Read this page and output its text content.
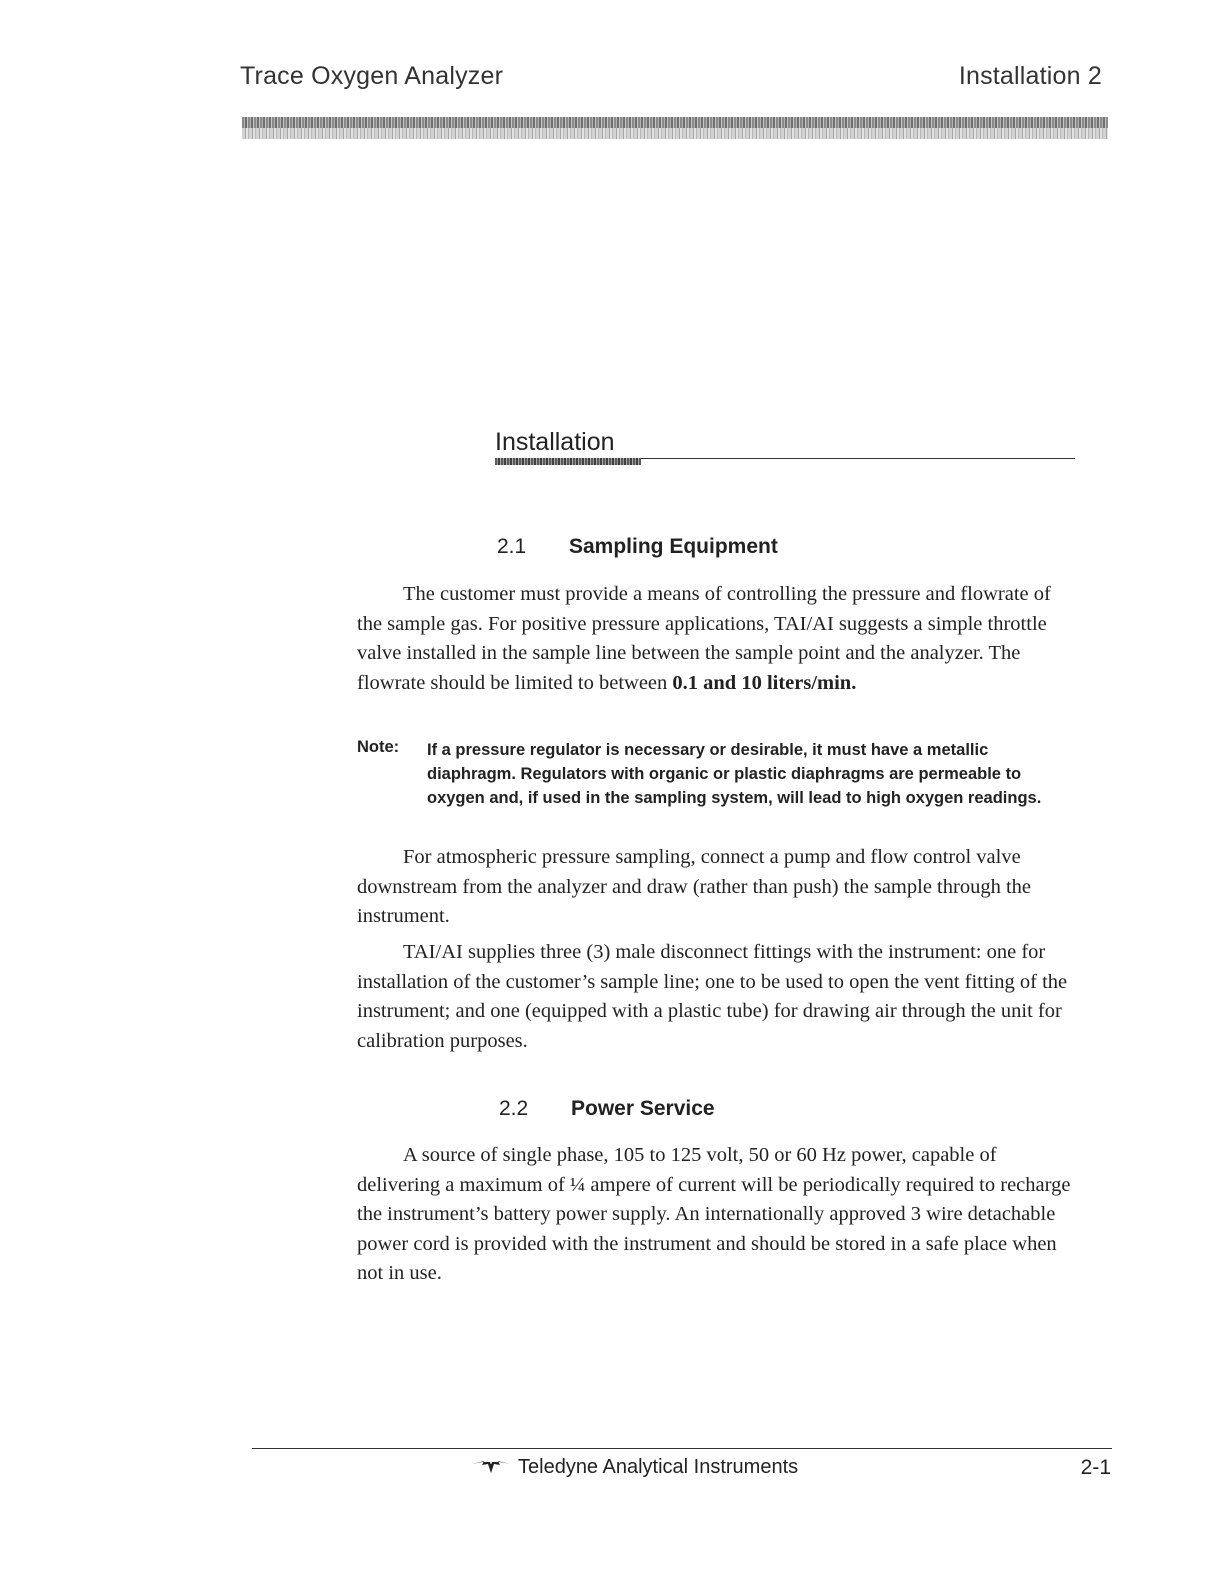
Trace Oxygen Analyzer	Installation 2
Installation
2.1 Sampling Equipment
The customer must provide a means of controlling the pressure and flowrate of the sample gas. For positive pressure applications, TAI/AI suggests a simple throttle valve installed in the sample line between the sample point and the analyzer. The flowrate should be limited to between 0.1 and 10 liters/min.
Note: If a pressure regulator is necessary or desirable, it must have a metallic diaphragm. Regulators with organic or plastic diaphragms are permeable to oxygen and, if used in the sampling system, will lead to high oxygen readings.
For atmospheric pressure sampling, connect a pump and flow control valve downstream from the analyzer and draw (rather than push) the sample through the instrument.
TAI/AI supplies three (3) male disconnect fittings with the instrument: one for installation of the customer’s sample line; one to be used to open the vent fitting of the instrument; and one (equipped with a plastic tube) for drawing air through the unit for calibration purposes.
2.2 Power Service
A source of single phase, 105 to 125 volt, 50 or 60 Hz power, capable of delivering a maximum of ¼ ampere of current will be periodically required to recharge the instrument’s battery power supply. An internationally approved 3 wire detachable power cord is provided with the instrument and should be stored in a safe place when not in use.
Teledyne Analytical Instruments	2-1
